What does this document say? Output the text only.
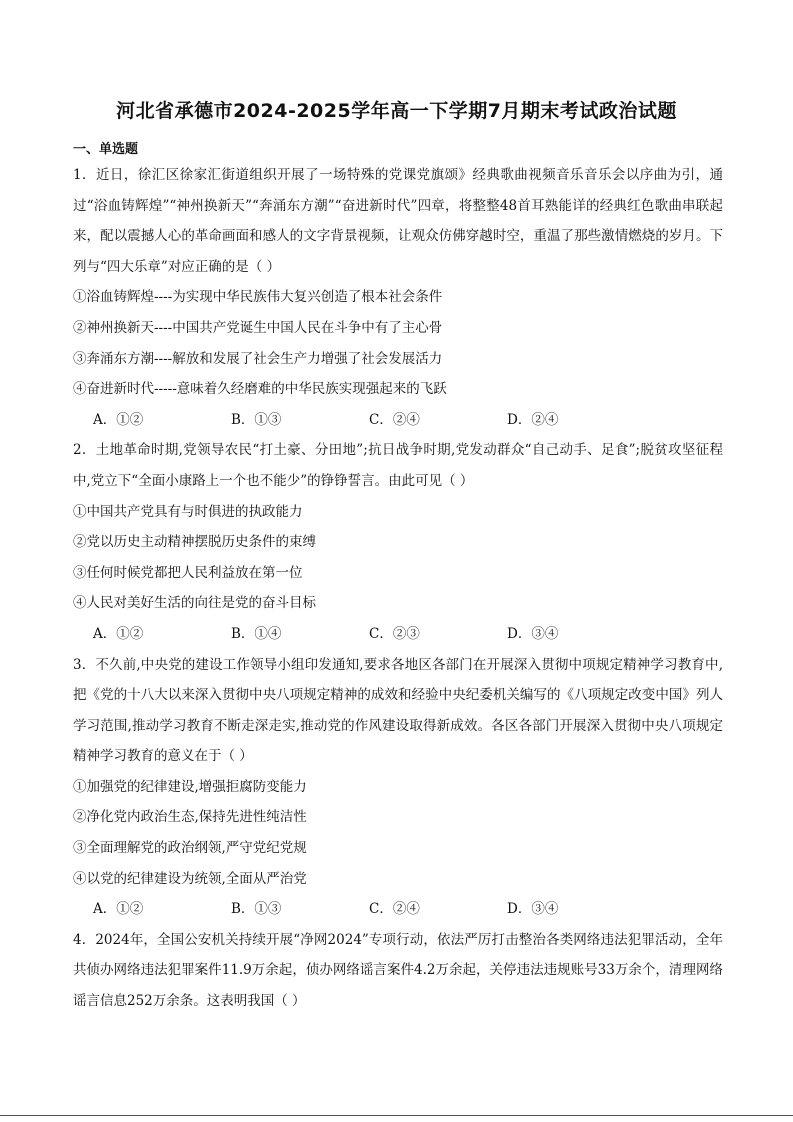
河北省承德市2024-2025学年高一下学期7月期末考试政治试题
一、单选题

1．近日，徐汇区徐家汇街道组织开展了一场特殊的党课党旗颂》经典歌曲视频音乐音乐会以序曲为引，通过“浴血铸辉煌”“神州换新天”“奔涌东方潮”“奋进新时代”四章，将整整48首耳熟能详的经典红色歌曲串联起来，配以震撼人心的革命画面和感人的文字背景视频，让观众仿佛穿越时空，重温了那些激情燃烧的岁月。下列与“四大乐章”对应正确的是（ ）

①浴血铸辉煌----为实现中华民族伟大复兴创造了根本社会条件

②神州换新天----中国共产党诞生中国人民在斗争中有了主心骨

③奔涌东方潮----解放和发展了社会生产力增强了社会发展活力

④奋进新时代-----意味着久经磨难的中华民族实现强起来的飞跃

A．①②	B．①③	C．②④	D．②④

2．土地革命时期,党领导农民“打土豪、分田地”;抗日战争时期,党发动群众“自己动手、足食”;脱贫攻坚征程中,党立下“全面小康路上一个也不能少”的铮铮誓言。由此可见（ ）

①中国共产党具有与时俱进的执政能力

②党以历史主动精神摆脱历史条件的束缚

③任何时候党都把人民利益放在第一位

④人民对美好生活的向往是党的奋斗目标

A．①②	B．①④	C．②③	D．③④

3．不久前,中央党的建设工作领导小组印发通知,要求各地区各部门在开展深入贯彻中项规定精神学习教育中,把《党的十八大以来深入贯彻中央八项规定精神的成效和经验中央纪委机关编写的《八项规定改变中国》列人学习范围,推动学习教育不断走深走实,推动党的作风建设取得新成效。各区各部门开展深入贯彻中央八项规定精神学习教育的意义在于（ ）

①加强党的纪律建设,增强拒腐防变能力

②净化党内政治生态,保持先进性纯洁性

③全面理解党的政治纲领,严守党纪党规

④以党的纪律建设为统领,全面从严治党

A．①②	B．①③	C．②④	D．③④

4．2024年，全国公安机关持续开展“净网2024”专项行动，依法严厉打击整治各类网络违法犯罪活动，全年共侦办网络违法犯罪案件11.9万余起，侦办网络谣言案件4.2万余起，关停违法违规账号33万余个，清理网络谣言信息252万余条。这表明我国（ ）
